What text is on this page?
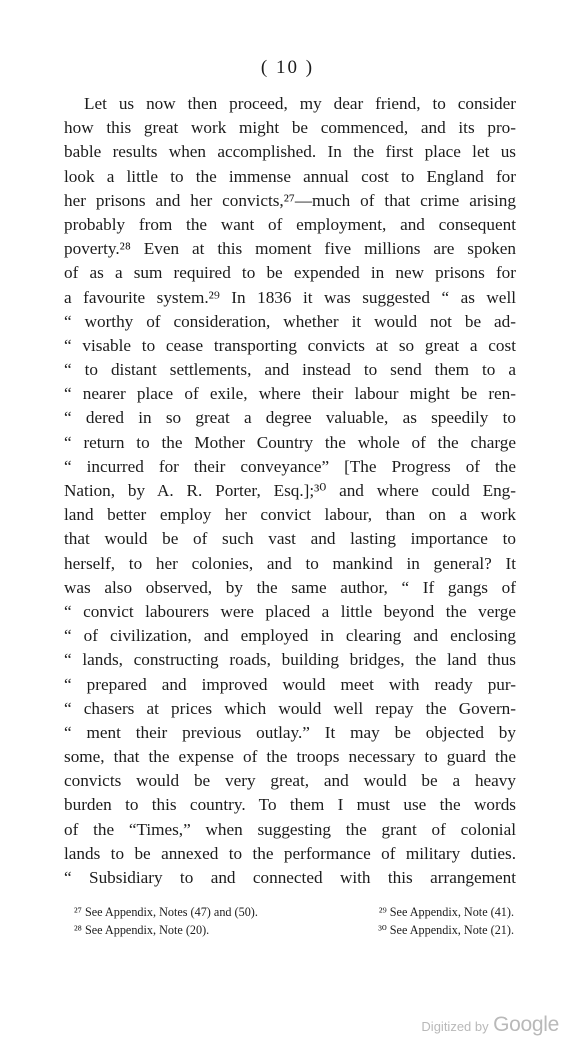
( 10 )
Let us now then proceed, my dear friend, to consider
how this great work might be commenced, and its pro-
bable results when accomplished. In the first place let us
look a little to the immense annual cost to England for
her prisons and her convicts,²⁷—much of that crime arising
probably from the want of employment, and consequent
poverty.²⁸ Even at this moment five millions are spoken
of as a sum required to be expended in new prisons for
a favourite system.²⁹ In 1836 it was suggested “ as well
“ worthy of consideration, whether it would not be ad-
“ visable to cease transporting convicts at so great a cost
“ to distant settlements, and instead to send them to a
“ nearer place of exile, where their labour might be ren-
“ dered in so great a degree valuable, as speedily to
“ return to the Mother Country the whole of the charge
“ incurred for their conveyance” [The Progress of the
Nation, by A. R. Porter, Esq.];³⁰ and where could Eng-
land better employ her convict labour, than on a work
that would be of such vast and lasting importance to
herself, to her colonies, and to mankind in general? It
was also observed, by the same author, “ If gangs of
“ convict labourers were placed a little beyond the verge
“ of civilization, and employed in clearing and enclosing
“ lands, constructing roads, building bridges, the land thus
“ prepared and improved would meet with ready pur-
“ chasers at prices which would well repay the Govern-
“ ment their previous outlay.” It may be objected by
some, that the expense of the troops necessary to guard the
convicts would be very great, and would be a heavy
burden to this country. To them I must use the words
of the “Times,” when suggesting the grant of colonial
lands to be annexed to the performance of military duties.
“ Subsidiary to and connected with this arrangement
²⁷ See Appendix, Notes (47) and (50).	²⁹ See Appendix, Note (41).
²⁸ See Appendix, Note (20).	³⁰ See Appendix, Note (21).
Digitized by Google
